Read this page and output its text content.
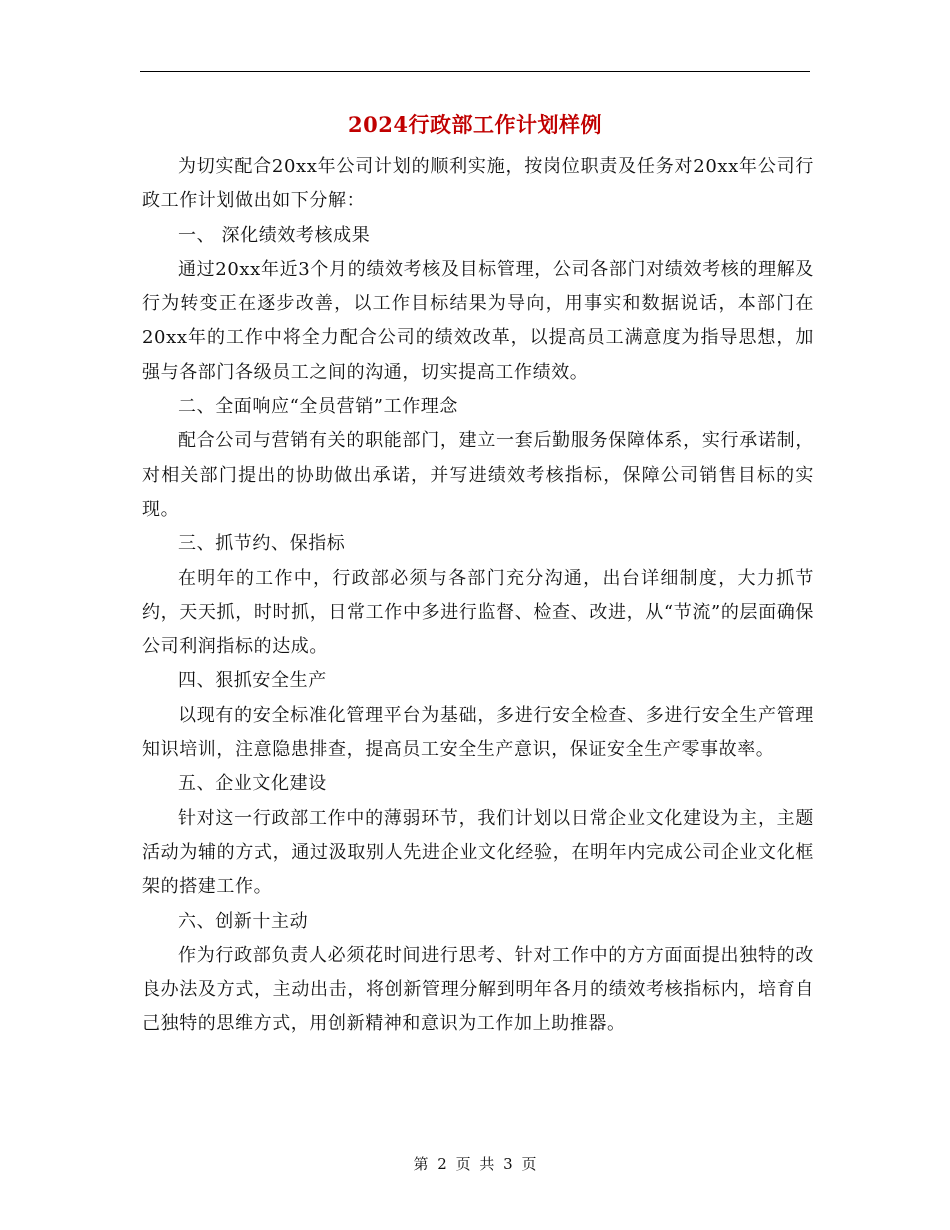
2024行政部工作计划样例

为切实配合20xx年公司计划的顺利实施，按岗位职责及任务对20xx年公司行政工作计划做出如下分解：

一、 深化绩效考核成果

通过20xx年近3个月的绩效考核及目标管理，公司各部门对绩效考核的理解及行为转变正在逐步改善，以工作目标结果为导向，用事实和数据说话，本部门在20xx年的工作中将全力配合公司的绩效改革，以提高员工满意度为指导思想，加强与各部门各级员工之间的沟通，切实提高工作绩效。

二、全面响应“全员营销”工作理念

配合公司与营销有关的职能部门，建立一套后勤服务保障体系，实行承诺制，对相关部门提出的协助做出承诺，并写进绩效考核指标，保障公司销售目标的实现。

三、抓节约、保指标

在明年的工作中，行政部必须与各部门充分沟通，出台详细制度，大力抓节约，天天抓，时时抓，日常工作中多进行监督、检查、改进，从“节流”的层面确保公司利润指标的达成。

四、狠抓安全生产

以现有的安全标准化管理平台为基础，多进行安全检查、多进行安全生产管理知识培训，注意隐患排查，提高员工安全生产意识，保证安全生产零事故率。

五、企业文化建设

针对这一行政部工作中的薄弱环节，我们计划以日常企业文化建设为主，主题活动为辅的方式，通过汲取别人先进企业文化经验，在明年内完成公司企业文化框架的搭建工作。

六、创新十主动

作为行政部负责人必须花时间进行思考、针对工作中的方方面面提出独特的改良办法及方式，主动出击，将创新管理分解到明年各月的绩效考核指标内，培育自己独特的思维方式，用创新精神和意识为工作加上助推器。

第 2 页 共 3 页
